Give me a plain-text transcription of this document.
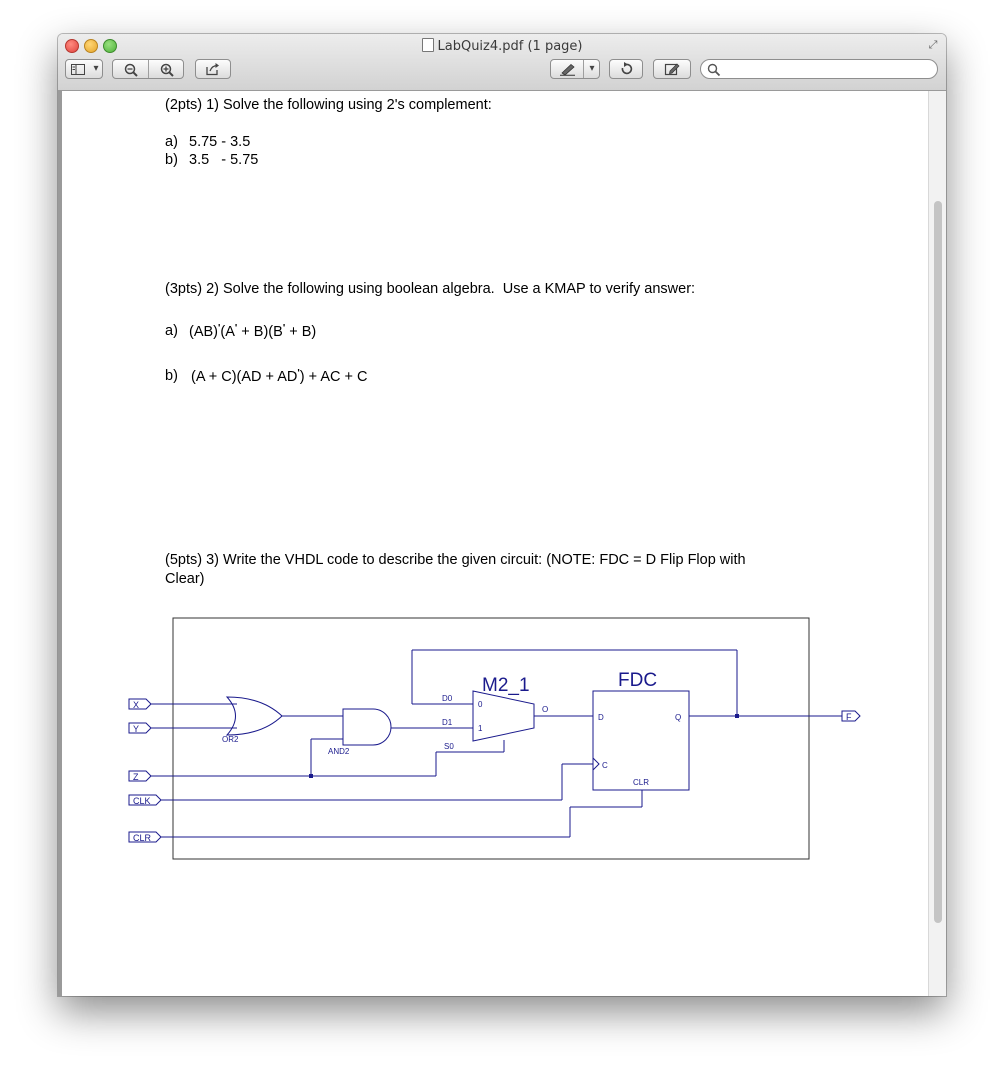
LabQuiz4.pdf (1 page)	⤢
▾	▾
(2pts) 1) Solve the following using 2's complement:
a) 5.75 - 3.5
b) 3.5   - 5.75
(3pts) 2) Solve the following using boolean algebra.  Use a KMAP to verify answer:
a) (AB)'(A' + B)(B' + B)
b) (A + C)(AD + AD') + AC + C
(5pts) 3) Write the VHDL code to describe the given circuit: (NOTE: FDC = D Flip Flop with
Clear)
X
Y
Z
CLK
CLR
F
OR2
AND2
M2_1
D0
D1
S0
0
1
O
FDC
D	Q
C
CLR
